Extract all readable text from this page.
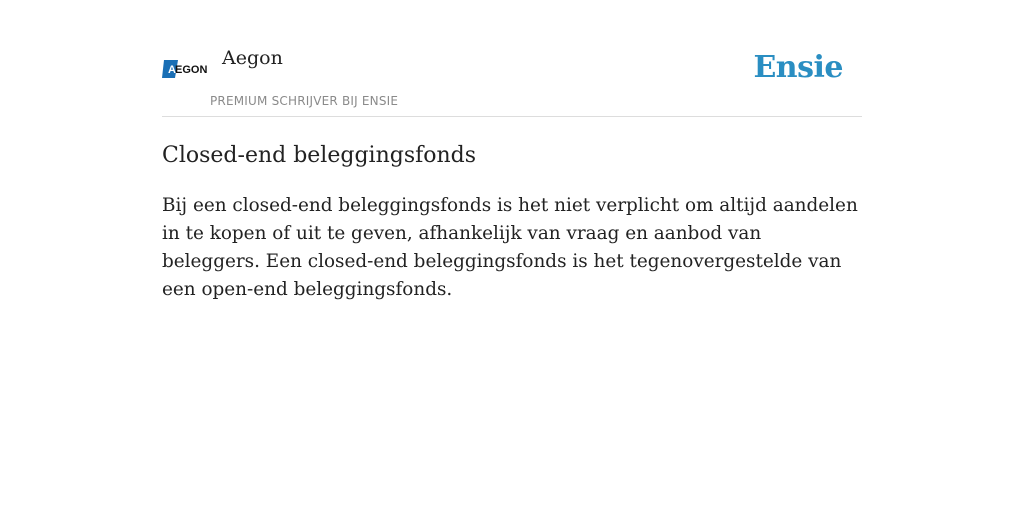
A EGON
Aegon
PREMIUM SCHRIJVER BIJ ENSIE
Ensie
Closed-end beleggingsfonds

Bij een closed-end beleggingsfonds is het niet verplicht om altijd aandelen in te kopen of uit te geven, afhankelijk van vraag en aanbod van beleggers. Een closed-end beleggingsfonds is het tegenovergestelde van een open-end beleggingsfonds.
